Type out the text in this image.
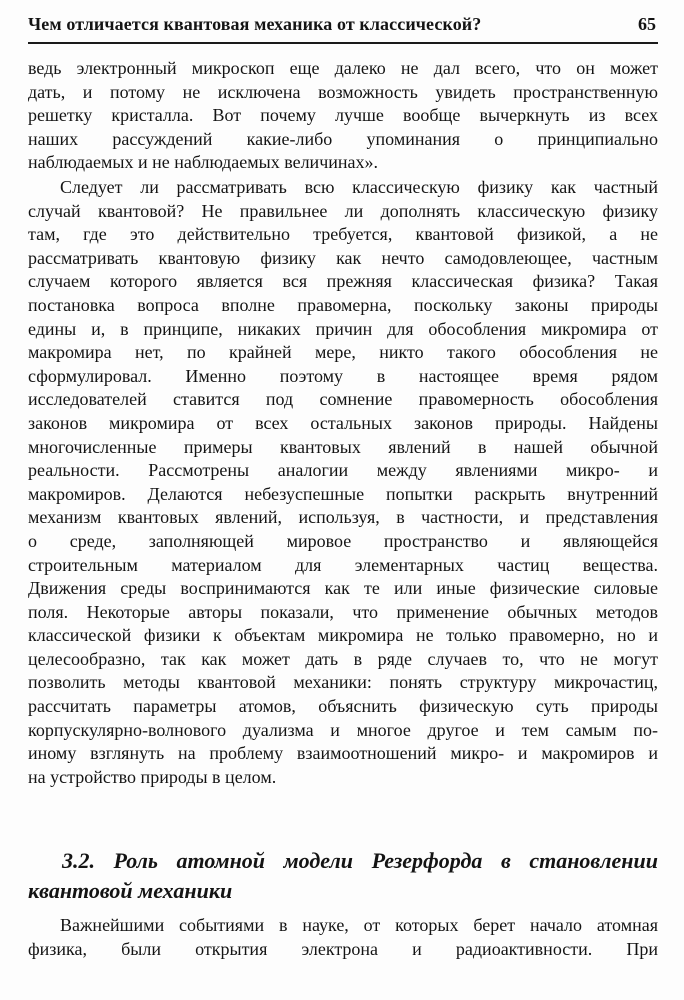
Чем отличается квантовая механика от классической?	65
ведь электронный микроскоп еще далеко не дал всего, что он может
дать, и потому не исключена возможность увидеть пространственную
решетку кристалла. Вот почему лучше вообще вычеркнуть из всех
наших рассуждений какие-либо упоминания о принципиально
наблюдаемых и не наблюдаемых величинах».
Следует ли рассматривать всю классическую физику как частный
случай квантовой? Не правильнее ли дополнять классическую физику
там, где это действительно требуется, квантовой физикой, а не
рассматривать квантовую физику как нечто самодовлеющее, частным
случаем которого является вся прежняя классическая физика? Такая
постановка вопроса вполне правомерна, поскольку законы природы
едины и, в принципе, никаких причин для обособления микромира от
макромира нет, по крайней мере, никто такого обособления не
сформулировал. Именно поэтому в настоящее время рядом
исследователей ставится под сомнение правомерность обособления
законов микромира от всех остальных законов природы. Найдены
многочисленные примеры квантовых явлений в нашей обычной
реальности. Рассмотрены аналогии между явлениями микро- и
макромиров. Делаются небезуспешные попытки раскрыть внутренний
механизм квантовых явлений, используя, в частности, и представления
о среде, заполняющей мировое пространство и являющейся
строительным материалом для элементарных частиц вещества.
Движения среды воспринимаются как те или иные физические силовые
поля. Некоторые авторы показали, что применение обычных методов
классической физики к объектам микромира не только правомерно, но и
целесообразно, так как может дать в ряде случаев то, что не могут
позволить методы квантовой механики: понять структуру микрочастиц,
рассчитать параметры атомов, объяснить физическую суть природы
корпускулярно-волнового дуализма и многое другое и тем самым по-
иному взглянуть на проблему взаимоотношений микро- и макромиров и
на устройство природы в целом.
3.2. Роль атомной модели Резерфорда в становлении
квантовой механики
Важнейшими событиями в науке, от которых берет начало атомная
физика, были открытия электрона и радиоактивности. При
